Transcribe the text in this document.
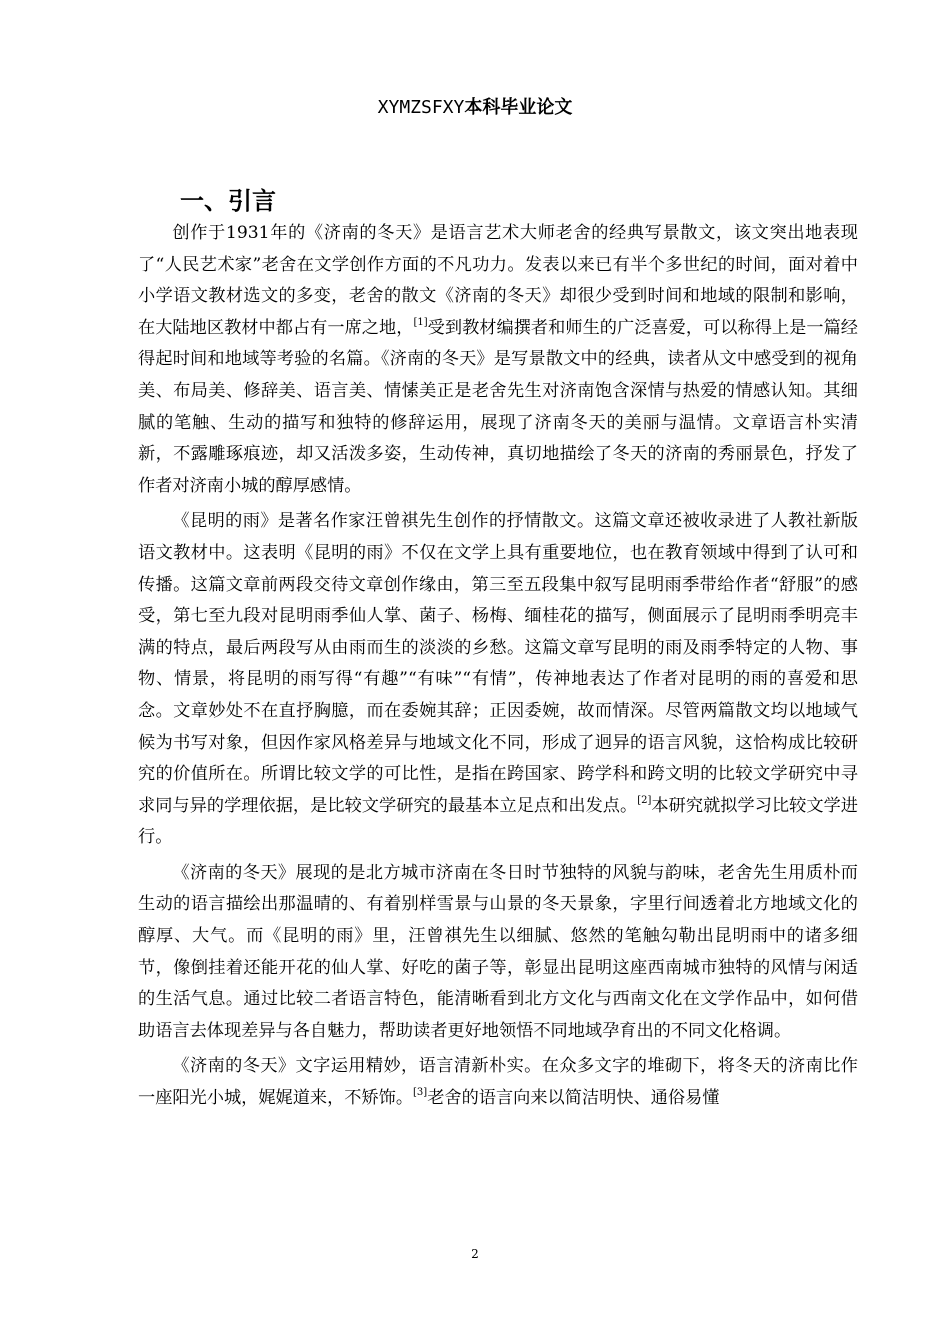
XYMZSFXY本科毕业论文
一、引言

创作于1931年的《济南的冬天》是语言艺术大师老舍的经典写景散文，该文突出地表现了“人民艺术家”老舍在文学创作方面的不凡功力。发表以来已有半个多世纪的时间，面对着中小学语文教材选文的多变，老舍的散文《济南的冬天》却很少受到时间和地域的限制和影响，在大陆地区教材中都占有一席之地，[1]受到教材编撰者和师生的广泛喜爱，可以称得上是一篇经得起时间和地域等考验的名篇。《济南的冬天》是写景散文中的经典，读者从文中感受到的视角美、布局美、修辞美、语言美、情愫美正是老舍先生对济南饱含深情与热爱的情感认知。其细腻的笔触、生动的描写和独特的修辞运用，展现了济南冬天的美丽与温情。文章语言朴实清新，不露雕琢痕迹，却又活泼多姿，生动传神，真切地描绘了冬天的济南的秀丽景色，抒发了作者对济南小城的醇厚感情。

《昆明的雨》是著名作家汪曾祺先生创作的抒情散文。这篇文章还被收录进了人教社新版语文教材中。这表明《昆明的雨》不仅在文学上具有重要地位，也在教育领域中得到了认可和传播。这篇文章前两段交待文章创作缘由，第三至五段集中叙写昆明雨季带给作者“舒服”的感受，第七至九段对昆明雨季仙人掌、菌子、杨梅、缅桂花的描写，侧面展示了昆明雨季明亮丰满的特点，最后两段写从由雨而生的淡淡的乡愁。这篇文章写昆明的雨及雨季特定的人物、事物、情景，将昆明的雨写得“有趣”“有味”“有情”，传神地表达了作者对昆明的雨的喜爱和思念。文章妙处不在直抒胸臆，而在委婉其辞；正因委婉，故而情深。尽管两篇散文均以地域气候为书写对象，但因作家风格差异与地域文化不同，形成了迥异的语言风貌，这恰构成比较研究的价值所在。所谓比较文学的可比性，是指在跨国家、跨学科和跨文明的比较文学研究中寻求同与异的学理依据，是比较文学研究的最基本立足点和出发点。[2]本研究就拟学习比较文学进行。

《济南的冬天》展现的是北方城市济南在冬日时节独特的风貌与韵味，老舍先生用质朴而生动的语言描绘出那温晴的、有着别样雪景与山景的冬天景象，字里行间透着北方地域文化的醇厚、大气。而《昆明的雨》里，汪曾祺先生以细腻、悠然的笔触勾勒出昆明雨中的诸多细节，像倒挂着还能开花的仙人掌、好吃的菌子等，彰显出昆明这座西南城市独特的风情与闲适的生活气息。通过比较二者语言特色，能清晰看到北方文化与西南文化在文学作品中，如何借助语言去体现差异与各自魅力，帮助读者更好地领悟不同地域孕育出的不同文化格调。

《济南的冬天》文字运用精妙，语言清新朴实。在众多文字的堆砌下，将冬天的济南比作一座阳光小城，娓娓道来，不矫饰。[3]老舍的语言向来以简洁明快、通俗易懂

2
